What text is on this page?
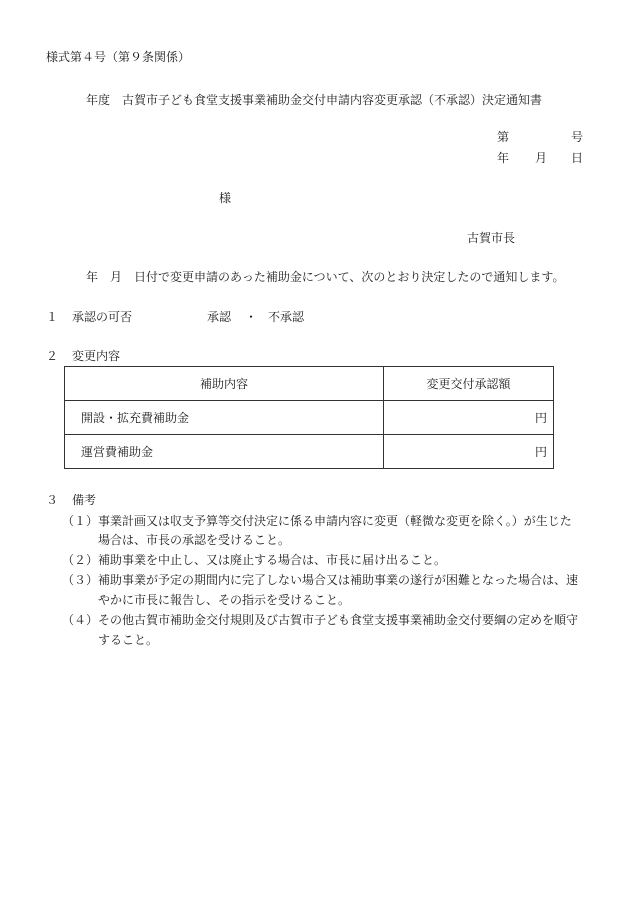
様式第４号（第９条関係）
年度 古賀市子ども食堂支援事業補助金交付申請内容変更承認（不承認）決定通知書
第	号
年 月 日
様
古賀市長
年 月 日付で変更申請のあった補助金について、次のとおり決定したので通知します。
１ 承認の可否	承認 ・ 不承認
２ 変更内容
補助内容	変更交付承認額
開設・拡充費補助金	円
運営費補助金	円
３ 備考
（１） 事業計画又は収支予算等交付決定に係る申請内容に変更（軽微な変更を除く。）が生じた
場合は、市長の承認を受けること。
（２） 補助事業を中止し、又は廃止する場合は、市長に届け出ること。
（３） 補助事業が予定の期間内に完了しない場合又は補助事業の遂行が困難となった場合は、速
やかに市長に報告し、その指示を受けること。
（４） その他古賀市補助金交付規則及び古賀市子ども食堂支援事業補助金交付要綱の定めを順守
すること。
